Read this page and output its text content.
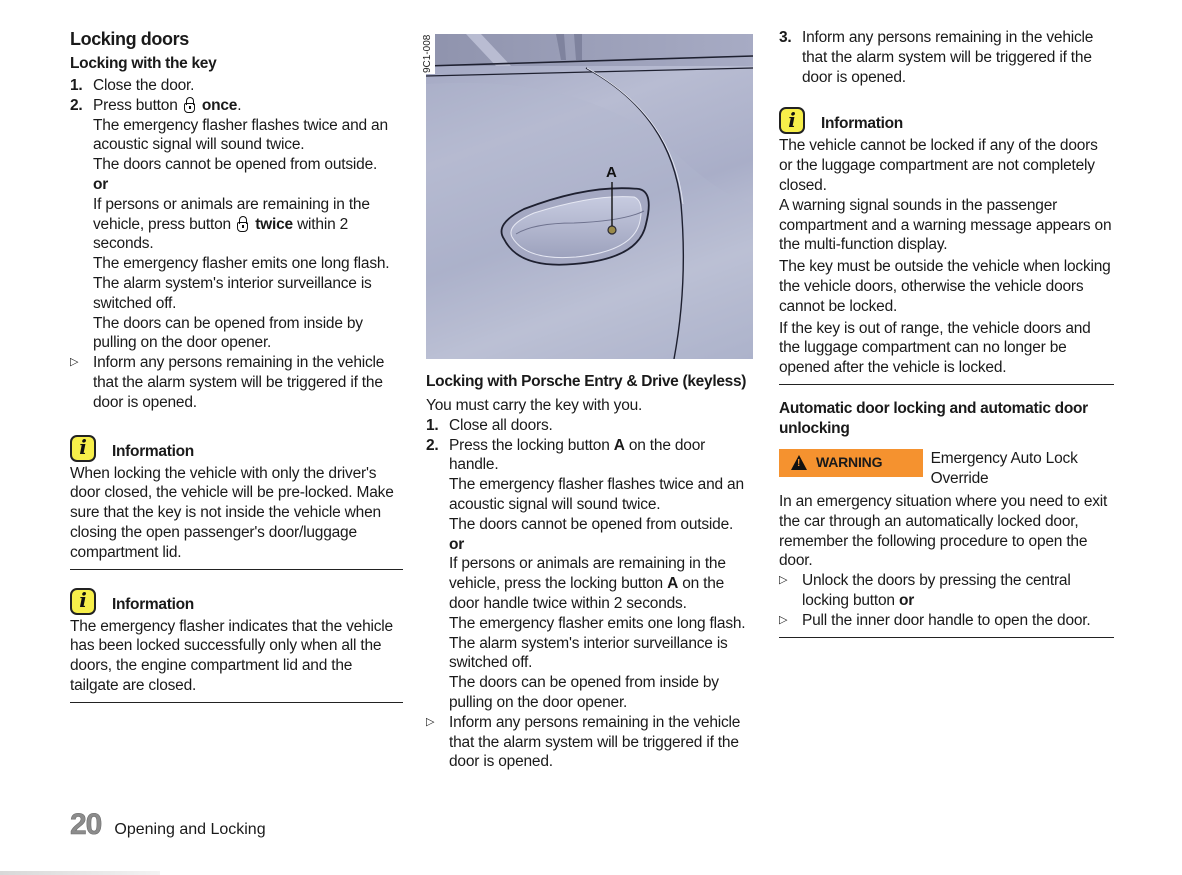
Locking doors
Locking with the key
1. Close the door.
2. Press button once.

The emergency flasher flashes twice and an acoustic signal will sound twice.

The doors cannot be opened from outside.

or

If persons or animals are remaining in the vehicle, press button twice within 2 seconds.

The emergency flasher emits one long flash.

The alarm system's interior surveillance is switched off.

The doors can be opened from inside by pulling on the door opener.

▷ Inform any persons remaining in the vehicle that the alarm system will be triggered if the door is opened.
i	Information

When locking the vehicle with only the driver's door closed, the vehicle will be pre-locked. Make sure that the key is not inside the vehicle when closing the open passenger's door/luggage compartment lid.

i	Information

The emergency flasher indicates that the vehicle has been locked successfully only when all the doors, the engine compartment lid and the tailgate are closed.

A
9C1-008
Locking with Porsche Entry & Drive (keyless)

You must carry the key with you.

1. Close all doors.
2. Press the locking button A on the door handle.

The emergency flasher flashes twice and an acoustic signal will sound twice.

The doors cannot be opened from outside.

or

If persons or animals are remaining in the vehicle, press the locking button A on the door handle twice within 2 seconds.

The emergency flasher emits one long flash.

The alarm system's interior surveillance is switched off.

The doors can be opened from inside by pulling on the door opener.

▷ Inform any persons remaining in the vehicle that the alarm system will be triggered if the door is opened.
3. Inform any persons remaining in the vehicle that the alarm system will be triggered if the door is opened.
i	Information

The vehicle cannot be locked if any of the doors or the luggage compartment are not completely closed.

A warning signal sounds in the passenger compartment and a warning message appears on the multi-function display.

The key must be outside the vehicle when locking the vehicle doors, otherwise the vehicle doors cannot be locked.

If the key is out of range, the vehicle doors and the luggage compartment can no longer be opened after the vehicle is locked.

Automatic door locking and automatic door unlocking
!
WARNING	Emergency Auto Lock Override

In an emergency situation where you need to exit the car through an automatically locked door, remember the following procedure to open the door.

▷ Unlock the doors by pressing the central locking button or
▷ Pull the inner door handle to open the door.
20 Opening and Locking
